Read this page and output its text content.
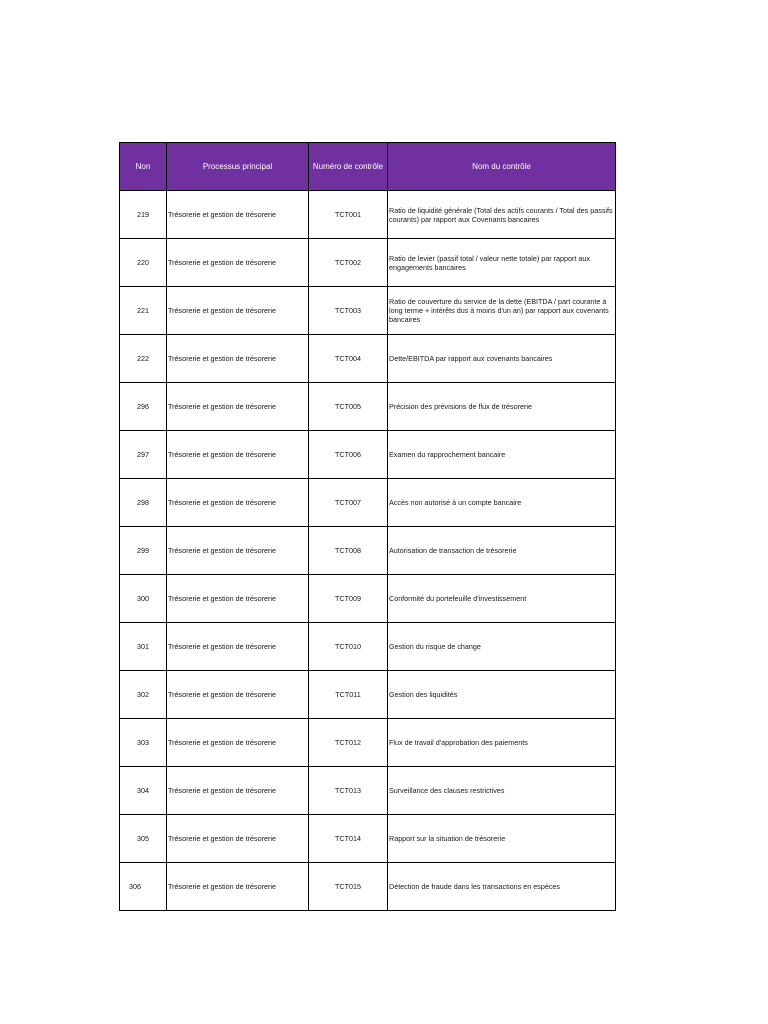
Non	Processus principal	Numéro de contrôle	Nom du contrôle
219	Trésorerie et gestion de trésorerie	TCT001	Ratio de liquidité générale (Total des actifs courants / Total des passifs courants) par rapport aux Covenants bancaires
220	Trésorerie et gestion de trésorerie	TCT002	Ratio de levier (passif total / valeur nette totale) par rapport aux engagements bancaires
221	Trésorerie et gestion de trésorerie	TCT003	Ratio de couverture du service de la dette (EBITDA / part courante à long terme + intérêts dus à moins d'un an) par rapport aux covenants bancaires
222	Trésorerie et gestion de trésorerie	TCT004	Dette/EBITDA par rapport aux covenants bancaires
296	Trésorerie et gestion de trésorerie	TCT005	Précision des prévisions de flux de trésorerie
297	Trésorerie et gestion de trésorerie	TCT006	Examen du rapprochement bancaire
298	Trésorerie et gestion de trésorerie	TCT007	Accès non autorisé à un compte bancaire
299	Trésorerie et gestion de trésorerie	TCT008	Autorisation de transaction de trésorerie
300	Trésorerie et gestion de trésorerie	TCT009	Conformité du portefeuille d'investissement
301	Trésorerie et gestion de trésorerie	TCT010	Gestion du risque de change
302	Trésorerie et gestion de trésorerie	TCT011	Gestion des liquidités
303	Trésorerie et gestion de trésorerie	TCT012	Flux de travail d'approbation des paiements
304	Trésorerie et gestion de trésorerie	TCT013	Surveillance des clauses restrictives
305	Trésorerie et gestion de trésorerie	TCT014	Rapport sur la situation de trésorerie
306	Trésorerie et gestion de trésorerie	TCT015	Détection de fraude dans les transactions en espèces
